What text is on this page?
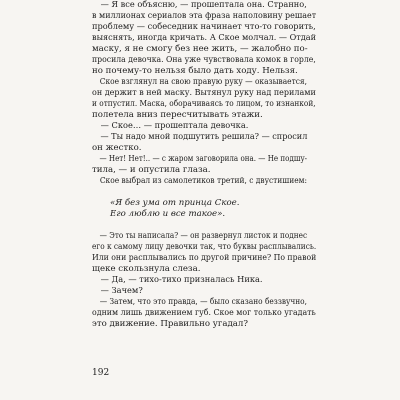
— Я все объясню, — прошептала она. Странно,
в миллионах сериалов эта фраза наполовину решает
проблему — собеседник начинает что-то говорить,
выяснять, иногда кричать. А Ское молчал. — Отдай
маску, я не смогу без нее жить, — жалобно по-
просила девочка. Она уже чувствовала комок в горле,
но почему-то нельзя было дать ходу. Нельзя.
Ское взглянул на свою правую руку — оказывается,
он держит в ней маску. Вытянул руку над перилами
и отпустил. Маска, оборачиваясь то лицом, то изнанкой,
полетела вниз пересчитывать этажи.
— Ское… — прошептала девочка.
— Ты надо мной подшутить решила? — спросил
он жестко.
— Нет! Нет!.. — с жаром заговорила она. — Не подшу-
тила, — и опустила глаза.
Ское выбрал из самолетиков третий, с двустишием:
«Я без ума от принца Ское.
Его люблю и все такое».
— Это ты написала? — он развернул листок и поднес
его к самому лицу девочки так, что буквы расплывались.
Или они расплывались по другой причине? По правой
щеке скользнула слеза.
— Да, — тихо-тихо призналась Ника.
— Зачем?
— Затем, что это правда, — было сказано беззвучно,
одним лишь движением губ. Ское мог только угадать
это движение. Правильно угадал?
192
